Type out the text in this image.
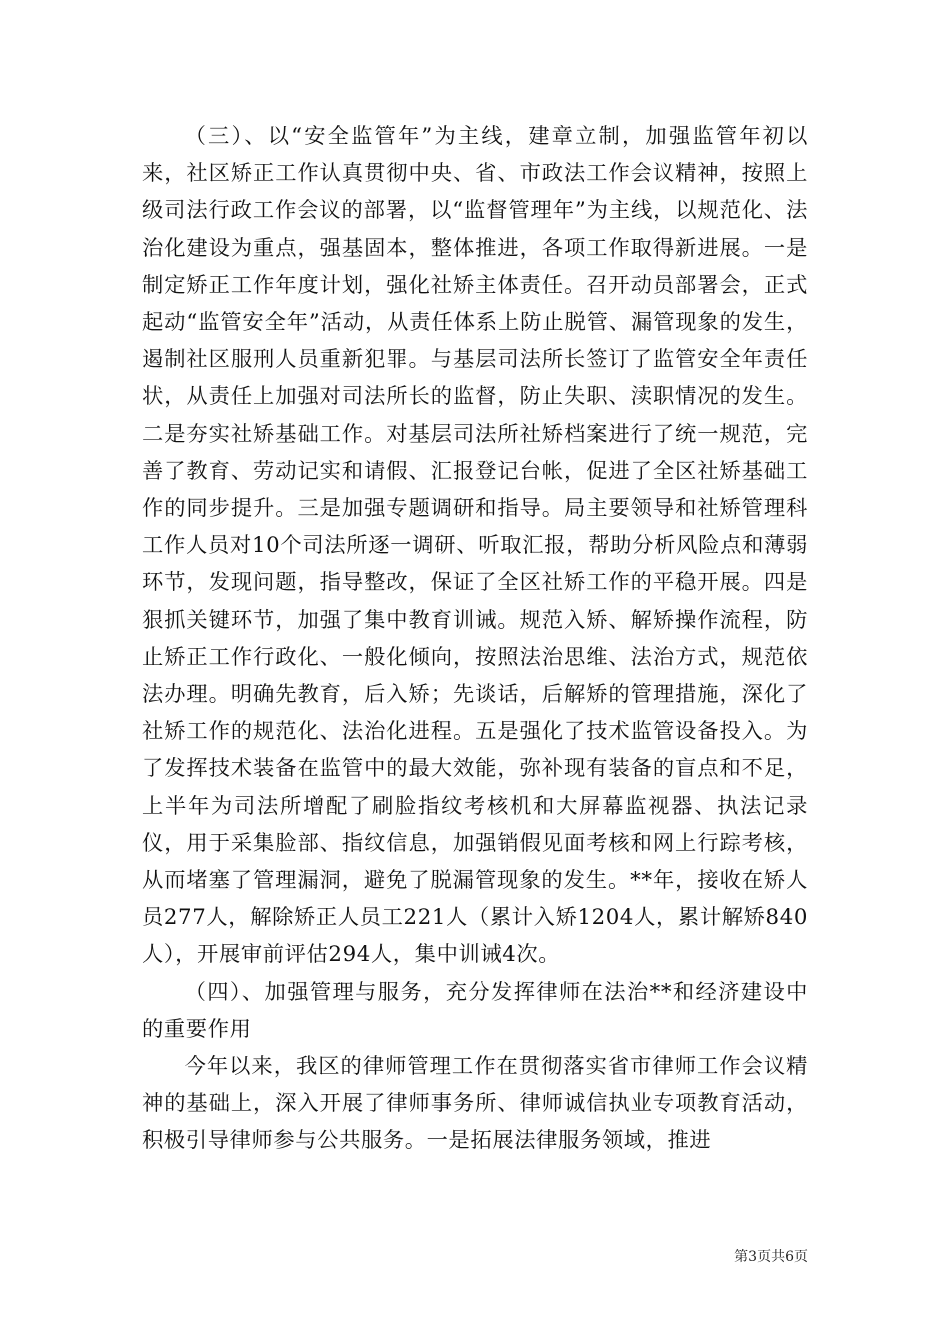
（三）、以“安全监管年”为主线，建章立制，加强监管年初以来，社区矫正工作认真贯彻中央、省、市政法工作会议精神，按照上级司法行政工作会议的部署，以“监督管理年”为主线，以规范化、法治化建设为重点，强基固本，整体推进，各项工作取得新进展。一是制定矫正工作年度计划，强化社矫主体责任。召开动员部署会，正式起动“监管安全年”活动，从责任体系上防止脱管、漏管现象的发生，遏制社区服刑人员重新犯罪。与基层司法所长签订了监管安全年责任状，从责任上加强对司法所长的监督，防止失职、渎职情况的发生。二是夯实社矫基础工作。对基层司法所社矫档案进行了统一规范，完善了教育、劳动记实和请假、汇报登记台帐，促进了全区社矫基础工作的同步提升。三是加强专题调研和指导。局主要领导和社矫管理科工作人员对10个司法所逐一调研、听取汇报，帮助分析风险点和薄弱环节，发现问题，指导整改，保证了全区社矫工作的平稳开展。四是狠抓关键环节，加强了集中教育训诫。规范入矫、解矫操作流程，防止矫正工作行政化、一般化倾向，按照法治思维、法治方式，规范依法办理。明确先教育，后入矫；先谈话，后解矫的管理措施，深化了社矫工作的规范化、法治化进程。五是强化了技术监管设备投入。为了发挥技术装备在监管中的最大效能，弥补现有装备的盲点和不足，上半年为司法所增配了刷脸指纹考核机和大屏幕监视器、执法记录仪，用于采集脸部、指纹信息，加强销假见面考核和网上行踪考核，从而堵塞了管理漏洞，避免了脱漏管现象的发生。**年，接收在矫人员277人，解除矫正人员工221人（累计入矫1204人，累计解矫840人），开展审前评估294人，集中训诫4次。

（四）、加强管理与服务，充分发挥律师在法治**和经济建设中的重要作用

今年以来，我区的律师管理工作在贯彻落实省市律师工作会议精神的基础上，深入开展了律师事务所、律师诚信执业专项教育活动，积极引导律师参与公共服务。一是拓展法律服务领域，推进

第3页共6页
